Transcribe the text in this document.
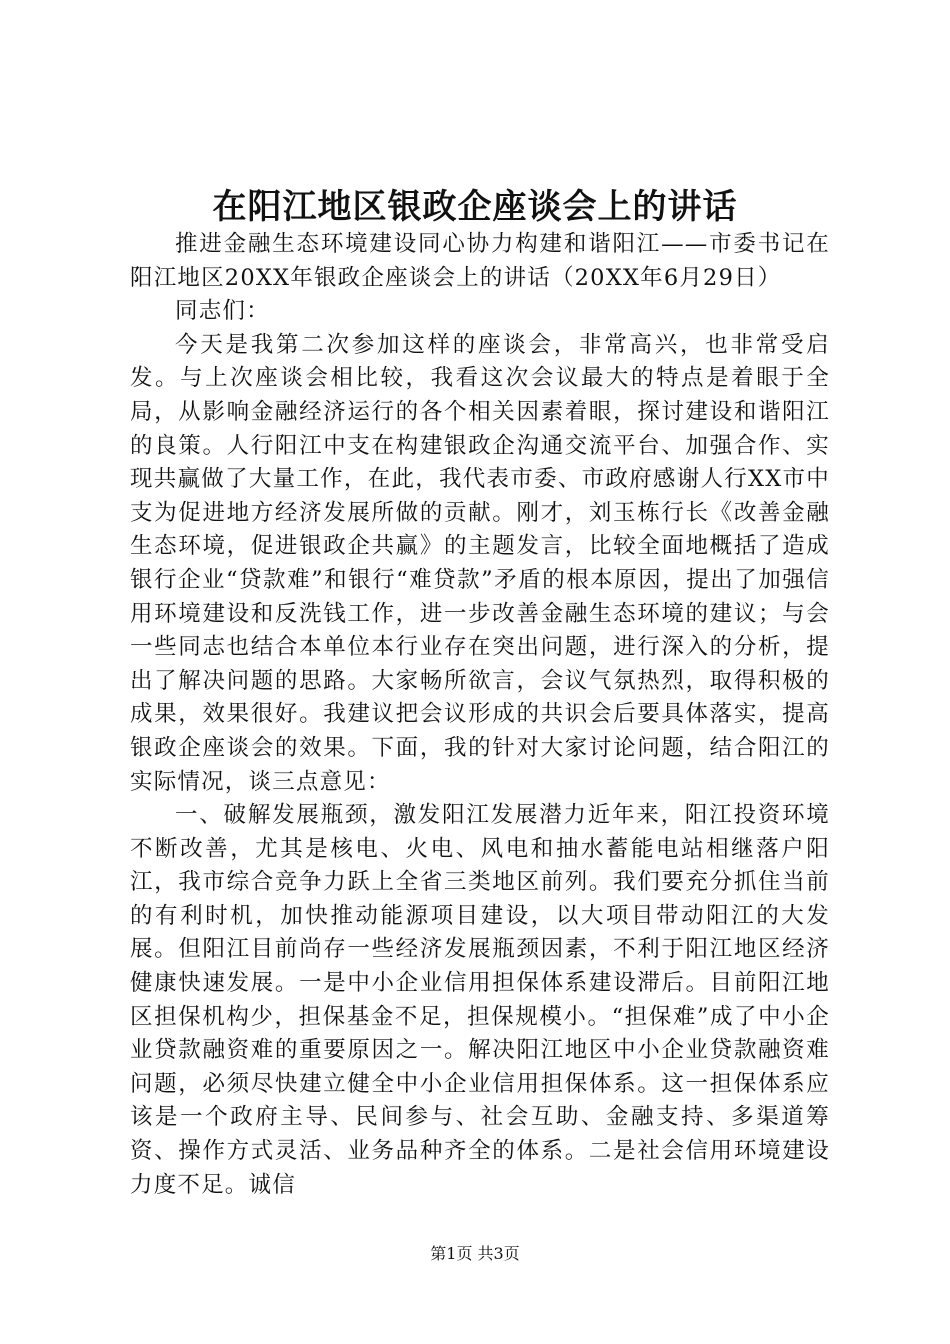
在阳江地区银政企座谈会上的讲话

推进金融生态环境建设同心协力构建和谐阳江——市委书记在阳江地区20XX年银政企座谈会上的讲话（20XX年6月29日）

同志们：

今天是我第二次参加这样的座谈会，非常高兴，也非常受启发。与上次座谈会相比较，我看这次会议最大的特点是着眼于全局，从影响金融经济运行的各个相关因素着眼，探讨建设和谐阳江的良策。人行阳江中支在构建银政企沟通交流平台、加强合作、实现共赢做了大量工作，在此，我代表市委、市政府感谢人行XX市中支为促进地方经济发展所做的贡献。刚才，刘玉栋行长《改善金融生态环境，促进银政企共赢》的主题发言，比较全面地概括了造成银行企业“贷款难”和银行“难贷款”矛盾的根本原因，提出了加强信用环境建设和反洗钱工作，进一步改善金融生态环境的建议；与会一些同志也结合本单位本行业存在突出问题，进行深入的分析，提出了解决问题的思路。大家畅所欲言，会议气氛热烈，取得积极的成果，效果很好。我建议把会议形成的共识会后要具体落实，提高银政企座谈会的效果。下面，我的针对大家讨论问题，结合阳江的实际情况，谈三点意见：

一、破解发展瓶颈，激发阳江发展潜力近年来，阳江投资环境不断改善，尤其是核电、火电、风电和抽水蓄能电站相继落户阳江，我市综合竞争力跃上全省三类地区前列。我们要充分抓住当前的有利时机，加快推动能源项目建设，以大项目带动阳江的大发展。但阳江目前尚存一些经济发展瓶颈因素，不利于阳江地区经济健康快速发展。一是中小企业信用担保体系建设滞后。目前阳江地区担保机构少，担保基金不足，担保规模小。“担保难”成了中小企业贷款融资难的重要原因之一。解决阳江地区中小企业贷款融资难问题，必须尽快建立健全中小企业信用担保体系。这一担保体系应该是一个政府主导、民间参与、社会互助、金融支持、多渠道筹资、操作方式灵活、业务品种齐全的体系。二是社会信用环境建设力度不足。诚信

第1页 共3页
